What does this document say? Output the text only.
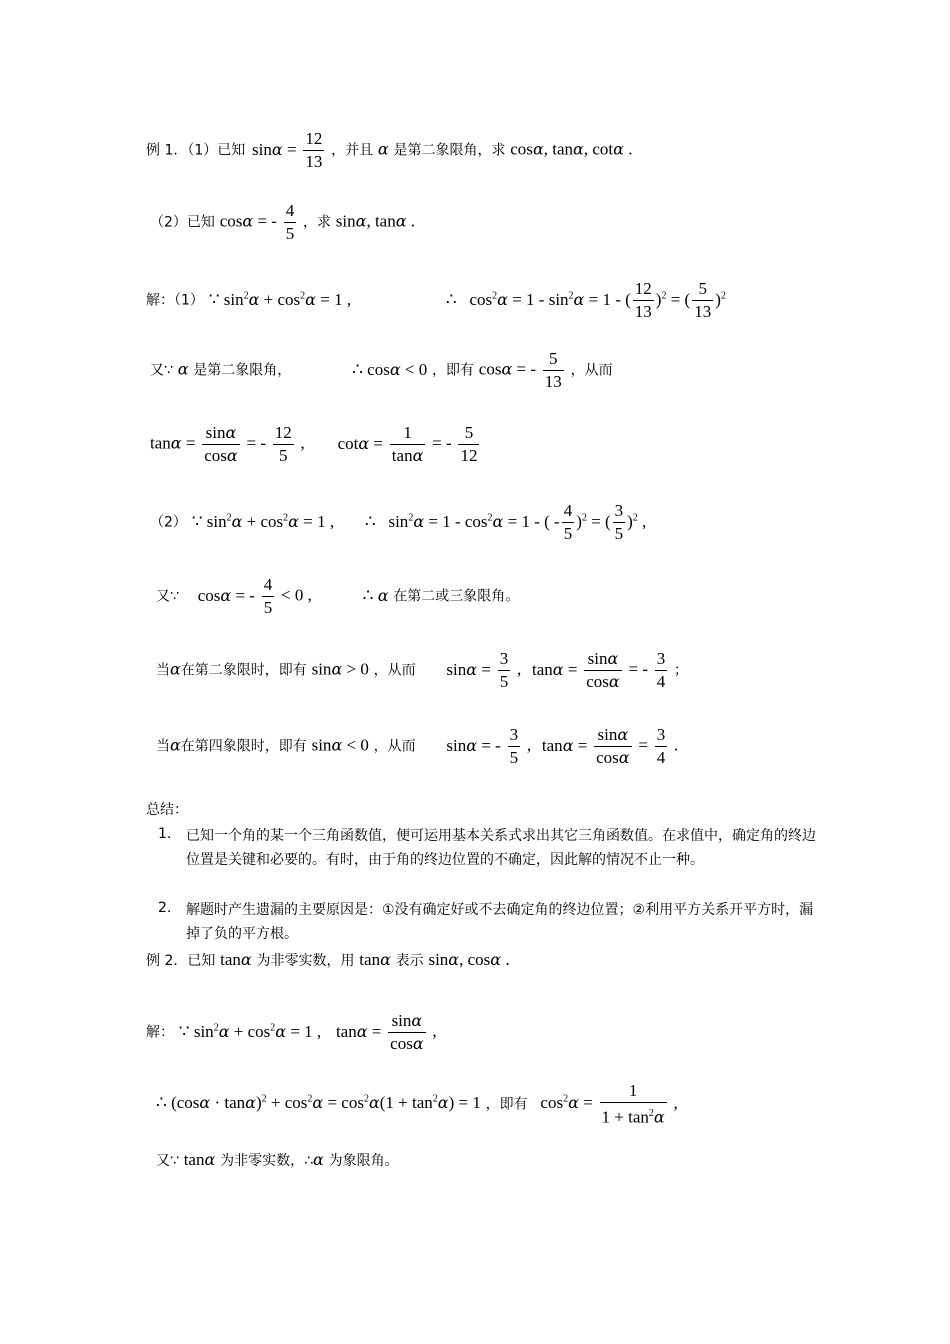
例 1．（1）已知 $\sin\alpha = \frac{12}{13}$ ，并且 α 是第二象限角，求 cosα, tanα, cotα .
（2）已知 cosα = - $\frac{4}{5}$ ，求 sinα, tanα .
解：（1） ∵ $\sin^2\alpha + \cos^2\alpha = 1$ ,	∴ $\cos^2\alpha = 1 - \sin^2\alpha = 1$ - ( $\frac{12}{13} )^2$ = ( $\frac{5}{13} )^2$
又∵ α 是第二象限角，	∴ cosα < 0 ，即有 cosα = - $\frac{5}{13}$ ，从而
$\tan\alpha = \frac{\sin\alpha}{\cos\alpha}$ = - $\frac{12}{5}$ , $\cot\alpha = \frac{1}{\tan\alpha}$ = - $\frac{5}{12}$
（2） ∵ $\sin^2\alpha + \cos^2\alpha = 1$ , ∴ $\sin^2\alpha = 1 - \cos^2\alpha = 1$ - ( - $\frac{4}{5} )^2$ = ( $\frac{3}{5} )^2$ ,
又∵ cosα = - $\frac{4}{5} < 0$ ,	∴ α 在第二或三象限角。
当α在第二象限时，即有 sinα > 0 ，从而 $\sin\alpha = \frac{3}{5}$ , $\tan\alpha = \frac{\sin\alpha}{\cos\alpha}$ = - $\frac{3}{4}$ ；
当α在第四象限时，即有 sinα < 0 ，从而 sinα = - $\frac{3}{5}$ , $\tan\alpha = \frac{\sin\alpha}{\cos\alpha} = \frac{3}{4}$ .
总结：
1. 已知一个角的某一个三角函数值，便可运用基本关系式求出其它三角函数值。在求值中，确定角的终边位置是关键和必要的。有时，由于角的终边位置的不确定，因此解的情况不止一种。
2. 解题时产生遗漏的主要原因是：①没有确定好或不去确定角的终边位置；②利用平方关系开平方时，漏掉了负的平方根。
例 2．已知 tanα 为非零实数，用 tanα 表示 sinα, cosα .
解： ∵ $\sin^2\alpha + \cos^2\alpha = 1$ , $\tan\alpha = \frac{\sin\alpha}{\cos\alpha}$ ,
∴ $(\cos\alpha \cdot \tan\alpha)^2 + \cos^2\alpha = \cos^2\alpha(1 + \tan^2\alpha) = 1$ ，即有 $\cos^2\alpha = \frac{1}{1 + \tan^2\alpha}$ ,
又∵ tanα 为非零实数，∴α 为象限角。
